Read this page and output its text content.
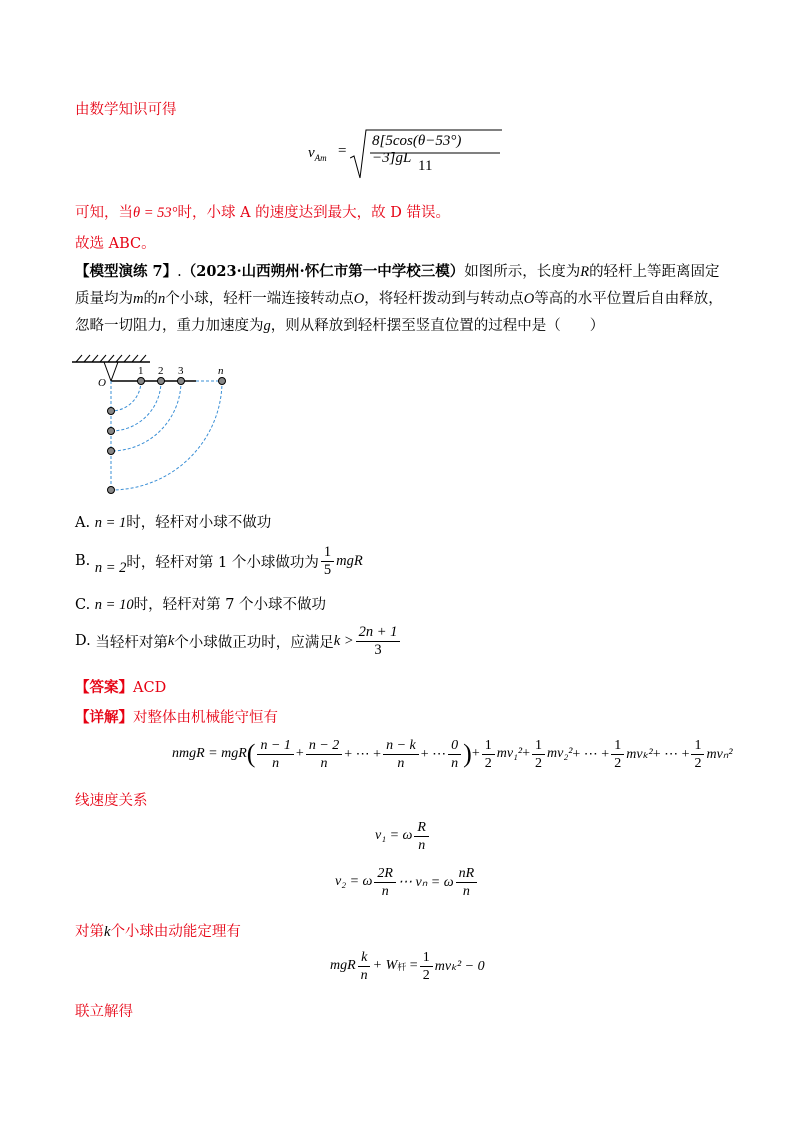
由数学知识可得
$v_{Am}$ =
8[5cos(θ−53°)−3]gL 11
可知，当θ = 53°时，小球 A 的速度达到最大，故 D 错误。
故选 ABC。
【模型演练 7】.（2023·山西朔州·怀仁市第一中学校三模）如图所示，长度为R的轻杆上等距离固定质量均为m的n个小球，轻杆一端连接转动点O，将轻杆拨动到与转动点O等高的水平位置后自由释放，忽略一切阻力，重力加速度为g，则从释放到轻杆摆至竖直位置的过程中是（　　）
O
1 2 3	n
A. n = 1时，轻杆对小球不做功
B.
n = 2 时，轻杆对第 1 个小球做功为 $\frac{1}{5}$ mgR
C. n = 10时，轻杆对第 7 个小球不做功
D.
当轻杆对第 k 个小球做正功时，应满足 $k > \frac{2n + 1}{3}$
【答案】ACD
【详解】对整体由机械能守恒有
nmgR = mgR ( $\frac{n - 1}{n} + \frac{n - 2}{n}$ + ⋯ + $\frac{n - k}{n}$ + ⋯ $\frac{0}{n}$ ) + $\frac{1}{2} mv_1^2 + \frac{1}{2} mv_2^2$ + ⋯ + $\frac{1}{2} mv_k^2$ + ⋯ + $\frac{1}{2} mv_n^2$
线速度关系
v₁ = ω $\frac{R}{n}$
v₂ = ω $\frac{2R}{n}$ ⋯ vₙ = ω $\frac{nR}{n}$
对第k个小球由动能定理有
mgR $\frac{k}{n} + W$ 杆
= $\frac{1}{2} mv_k^2 - 0$
联立解得
